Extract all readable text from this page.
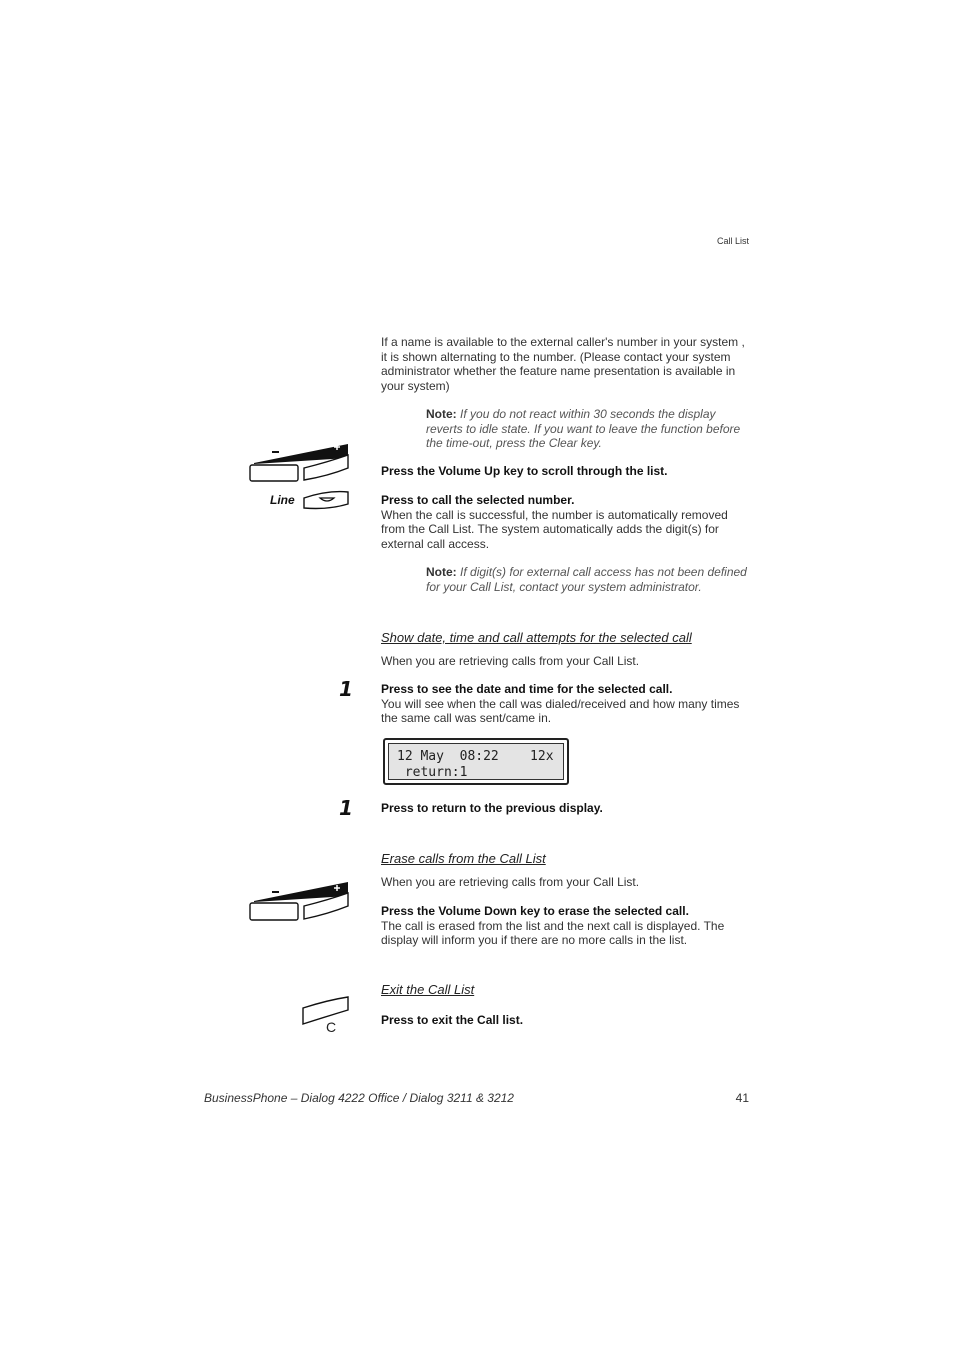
Call List
If a name is available to the external caller's number in your system , it is shown alternating to the number. (Please contact your system administrator whether the feature name presentation is available in your system)
Note: If you do not react within 30 seconds the display reverts to idle state. If you want to leave the function before the time-out, press the Clear key.
Press the Volume Up key to scroll through the list.
Line	Press to call the selected number.
When the call is successful, the number is automatically removed from the Call List. The system automatically adds the digit(s) for external call access.
Note: If digit(s) for external call access has not been defined for your Call List, contact your system administrator.
Show date, time and call attempts for the selected call
When you are retrieving calls from your Call List.
1 Press to see the date and time for the selected call.
You will see when the call was dialed/received and how many times the same call was sent/came in.
12 May  08:22    12x
return:1
1 Press to return to the previous display.
Erase calls from the Call List
When you are retrieving calls from your Call List.
Press the Volume Down key to erase the selected call.
The call is erased from the list and the next call is displayed. The display will inform you if there are no more calls in the list.
Exit the Call List
C	Press to exit the Call list.
BusinessPhone – Dialog 4222 Office / Dialog 3211 & 3212	41
